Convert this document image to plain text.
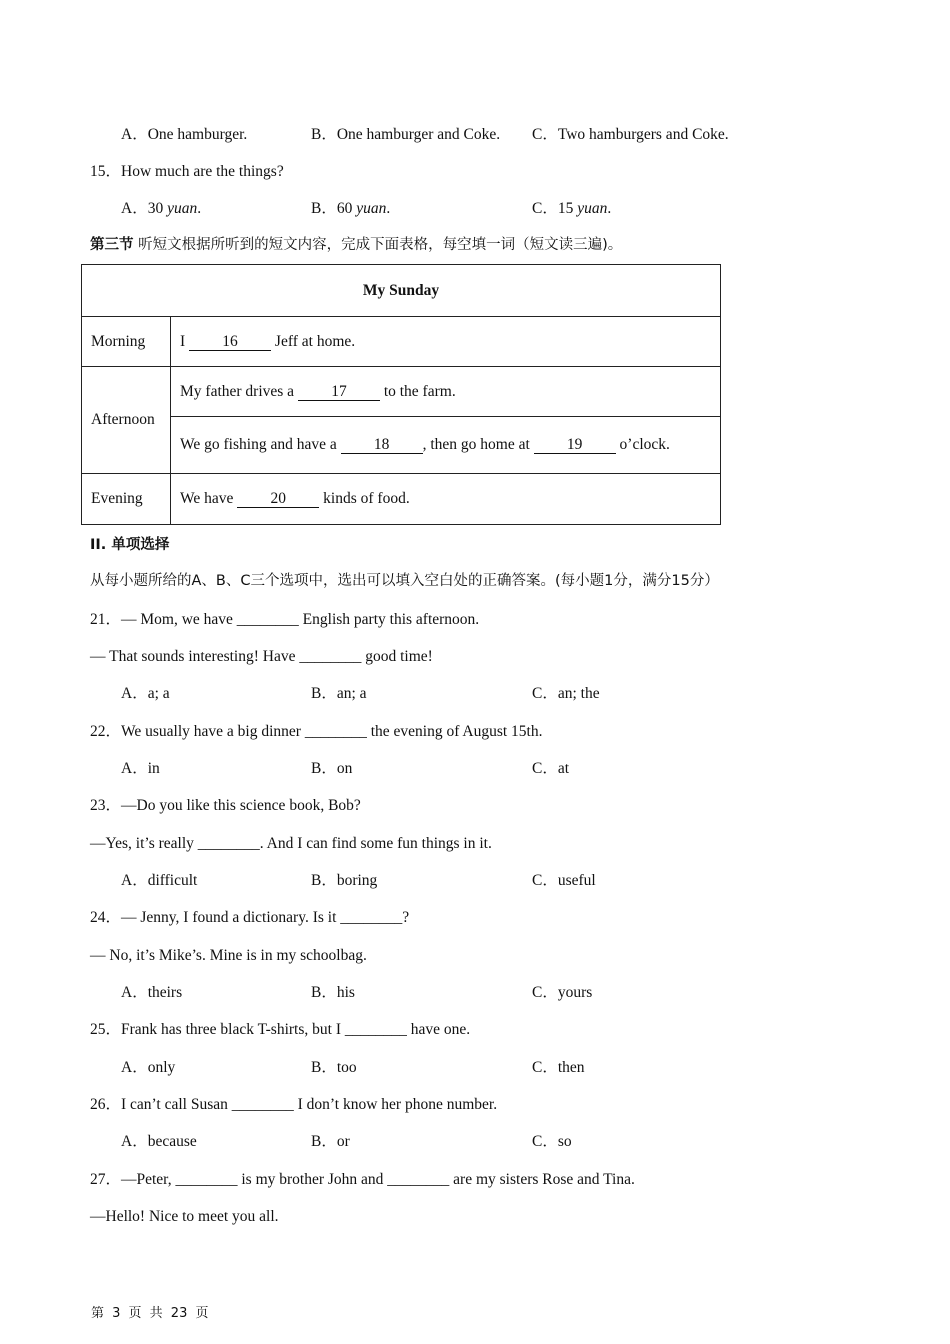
A．One hamburger.	B．One hamburger and Coke. C．Two hamburgers and Coke.
15．How much are the things?
A．30 yuan.	B．60 yuan.	C．15 yuan.
第三节 听短文根据所听到的短文内容，完成下面表格，每空填一词（短文读三遍)。
My Sunday	
Morning	I 16 Jeff at home.
Afternoon	My father drives a 17 to the farm.
	We go fishing and have a 18 , then go home at 19 o’clock.
Evening	We have 20 kinds of food.
II. 单项选择
从每小题所给的A、B、C三个选项中，选出可以填入空白处的正确答案。(每小题1分，满分15分）
21．— Mom, we have ________ English party this afternoon.
— That sounds interesting! Have ________ good time!
A．a; a	B．an; a	C．an; the
22．We usually have a big dinner ________ the evening of August 15th.
A．in	B．on	C．at
23．—Do you like this science book, Bob?
—Yes, it’s really ________. And I can find some fun things in it.
A．difficult	B．boring	C．useful
24．— Jenny, I found a dictionary. Is it ________?
— No, it’s Mike’s. Mine is in my schoolbag.
A．theirs	B．his	C．yours
25．Frank has three black T-shirts, but I ________ have one.
A．only	B．too	C．then
26．I can’t call Susan ________ I don’t know her phone number.
A．because	B．or	C．so
27．—Peter, ________ is my brother John and ________ are my sisters Rose and Tina.
—Hello! Nice to meet you all.
第 3 页 共 23 页
